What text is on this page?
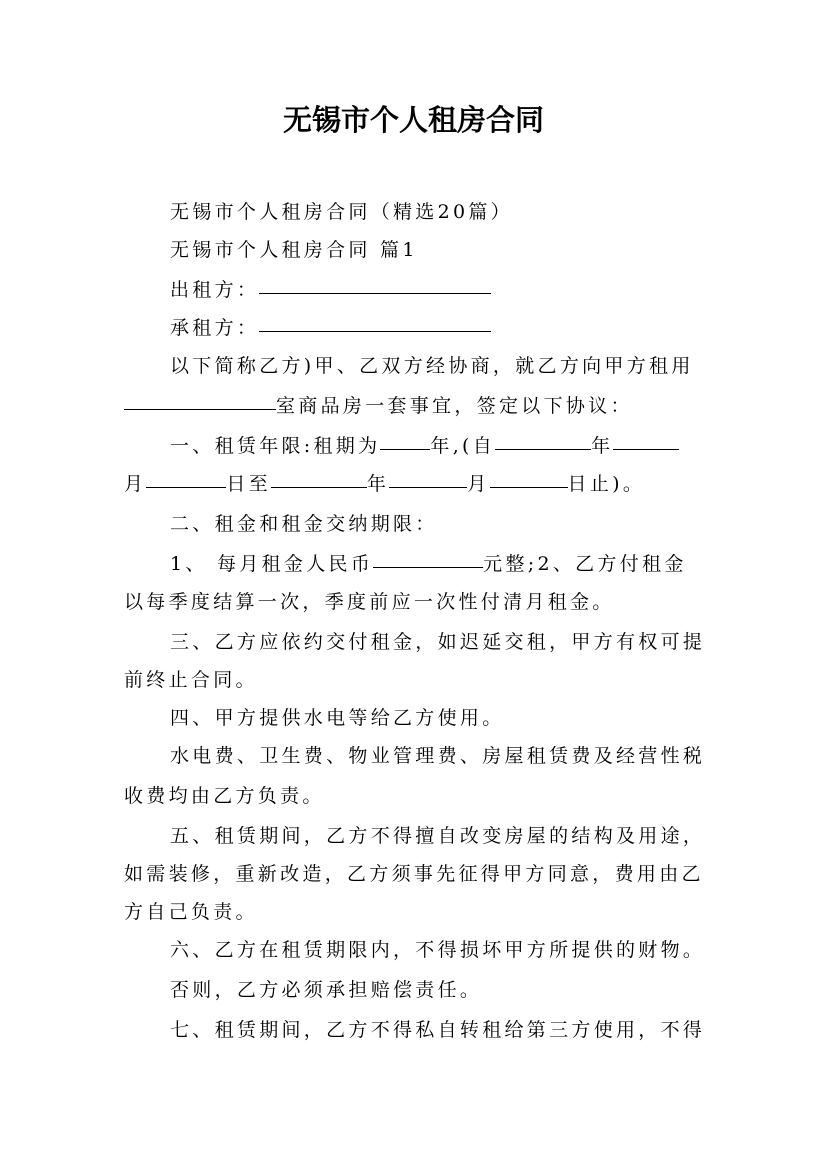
无锡市个人租房合同
无锡市个人租房合同（精选20篇）
无锡市个人租房合同 篇1
出租方：
承租方：
以下简称乙方)甲、乙双方经协商，就乙方向甲方租用
室商品房一套事宜，签定以下协议：
一、租赁年限:租期为	年,(自	年
月	日至	年	月	日止)。
二、租金和租金交纳期限：
1、 每月租金人民币	元整;2、乙方付租金
以每季度结算一次，季度前应一次性付清月租金。
三、乙方应依约交付租金，如迟延交租，甲方有权可提
前终止合同。
四、甲方提供水电等给乙方使用。
水电费、卫生费、物业管理费、房屋租赁费及经营性税
收费均由乙方负责。
五、租赁期间，乙方不得擅自改变房屋的结构及用途，
如需装修，重新改造，乙方须事先征得甲方同意，费用由乙
方自己负责。
六、乙方在租赁期限内，不得损坏甲方所提供的财物。
否则，乙方必须承担赔偿责任。
七、租赁期间，乙方不得私自转租给第三方使用，不得
